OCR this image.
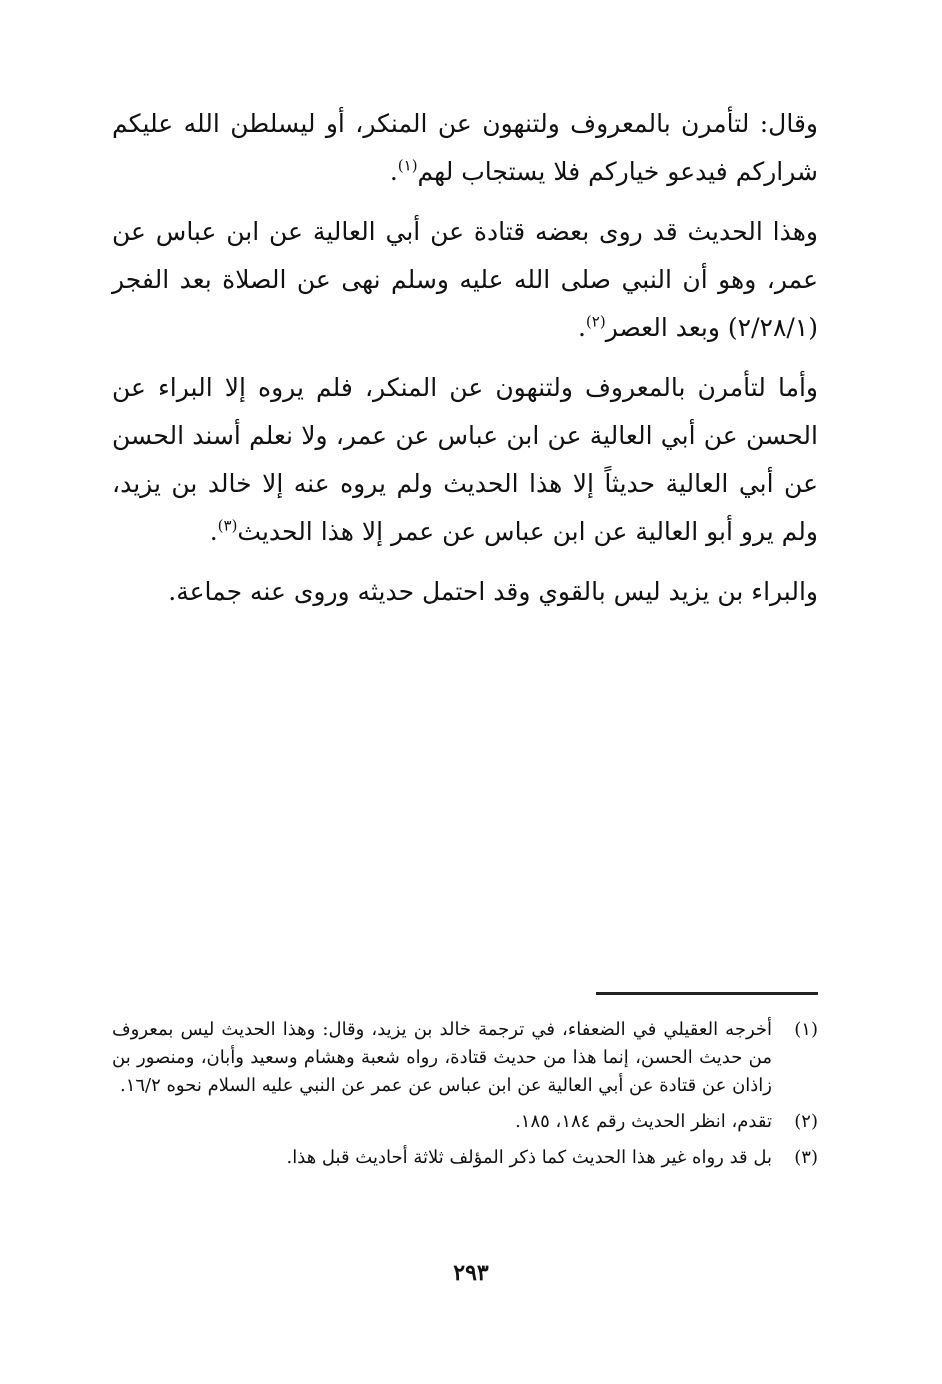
وقال: لتأمرن بالمعروف ولتنهون عن المنكر، أو ليسلطن الله عليكم شراركم فيدعو خياركم فلا يستجاب لهم$^{(١)}$.

وهذا الحديث قد روى بعضه قتادة عن أبي العالية عن ابن عباس عن عمر، وهو أن النبي صلى الله عليه وسلم نهى عن الصلاة بعد الفجر (٢/٢٨/١) وبعد العصر$^{(٢)}$.

وأما لتأمرن بالمعروف ولتنهون عن المنكر، فلم يروه إلا البراء عن الحسن عن أبي العالية عن ابن عباس عن عمر، ولا نعلم أسند الحسن عن أبي العالية حديثاً إلا هذا الحديث ولم يروه عنه إلا خالد بن يزيد، ولم يرو أبو العالية عن ابن عباس عن عمر إلا هذا الحديث$^{(٣)}$.

والبراء بن يزيد ليس بالقوي وقد احتمل حديثه وروى عنه جماعة.

(١)
أخرجه العقيلي في الضعفاء، في ترجمة خالد بن يزيد، وقال: وهذا الحديث ليس بمعروف من حديث الحسن، إنما هذا من حديث قتادة، رواه شعبة وهشام وسعيد وأبان، ومنصور بن زاذان عن قتادة عن أبي العالية عن ابن عباس عن عمر عن النبي عليه السلام نحوه ١٦/٢.
(٢)
تقدم، انظر الحديث رقم ١٨٤، ١٨٥.
(٣)
بل قد رواه غير هذا الحديث كما ذكر المؤلف ثلاثة أحاديث قبل هذا.
٢٩٣
